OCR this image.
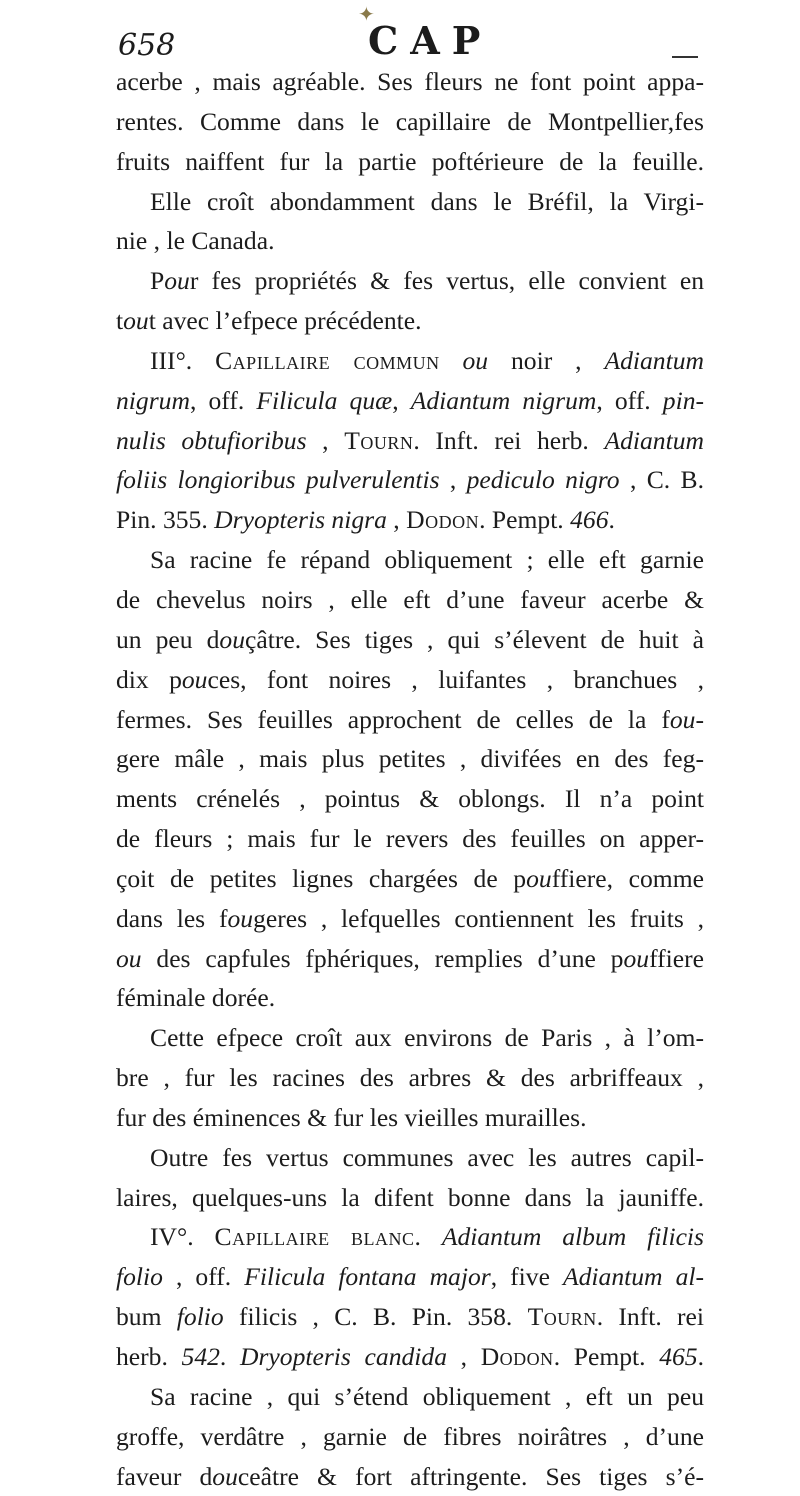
✦
658	CAP
acerbe , mais agréable. Ses fleurs ne font point appa-
rentes. Comme dans le capillaire de Montpellier,fes
fruits naiffent fur la partie poftérieure de la feuille.
Elle croît abondamment dans le Bréfil, la Virgi-
nie , le Canada.
Pour fes propriétés & fes vertus, elle convient en
tout avec l’efpece précédente.
III°. Capillaire commun ou noir , Adiantum
nigrum, off. Filicula quæ, Adiantum nigrum, off. pin-
nulis obtufioribus , Tourn. Inft. rei herb. Adiantum
foliis longioribus pulverulentis , pediculo nigro , C. B.
Pin. 355. Dryopteris nigra , Dodon. Pempt. 466.
Sa racine fe répand obliquement ; elle eft garnie
de chevelus noirs , elle eft d’une faveur acerbe &
un peu douçâtre. Ses tiges , qui s’élevent de huit à
dix pouces, font noires , luifantes , branchues ,
fermes. Ses feuilles approchent de celles de la fou-
gere mâle , mais plus petites , divifées en des feg-
ments crénelés , pointus & oblongs. Il n’a point
de fleurs ; mais fur le revers des feuilles on apper-
çoit de petites lignes chargées de pouffiere, comme
dans les fougeres , lefquelles contiennent les fruits ,
ou des capfules fphériques, remplies d’une pouffiere
féminale dorée.
Cette efpece croît aux environs de Paris , à l’om-
bre , fur les racines des arbres & des arbriffeaux ,
fur des éminences & fur les vieilles murailles.
Outre fes vertus communes avec les autres capil-
laires, quelques-uns la difent bonne dans la jauniffe.
IV°. Capillaire blanc. Adiantum album filicis
folio , off. Filicula fontana major, five Adiantum al-
bum folio filicis , C. B. Pin. 358. Tourn. Inft. rei
herb. 542. Dryopteris candida , Dodon. Pempt. 465.
Sa racine , qui s’étend obliquement , eft un peu
groffe, verdâtre , garnie de fibres noirâtres , d’une
faveur douceâtre & fort aftringente. Ses tiges s’é-
